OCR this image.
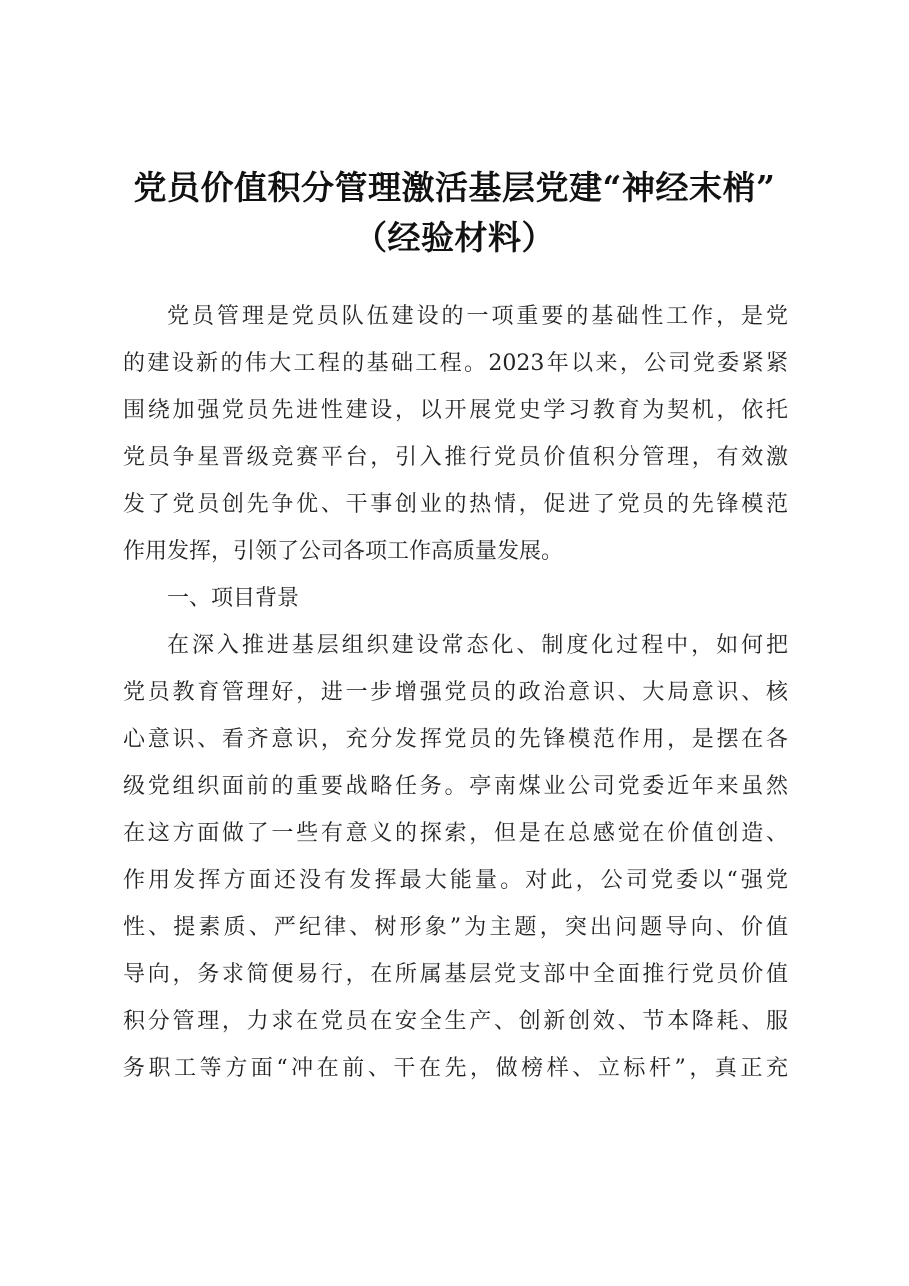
党员价值积分管理激活基层党建“神经末梢”
（经验材料）
党员管理是党员队伍建设的一项重要的基础性工作，是党
的建设新的伟大工程的基础工程。2023年以来，公司党委紧紧
围绕加强党员先进性建设，以开展党史学习教育为契机，依托
党员争星晋级竞赛平台，引入推行党员价值积分管理，有效激
发了党员创先争优、干事创业的热情，促进了党员的先锋模范
作用发挥，引领了公司各项工作高质量发展。
一、项目背景
在深入推进基层组织建设常态化、制度化过程中，如何把
党员教育管理好，进一步增强党员的政治意识、大局意识、核
心意识、看齐意识，充分发挥党员的先锋模范作用，是摆在各
级党组织面前的重要战略任务。亭南煤业公司党委近年来虽然
在这方面做了一些有意义的探索，但是在总感觉在价值创造、
作用发挥方面还没有发挥最大能量。对此，公司党委以“强党
性、提素质、严纪律、树形象”为主题，突出问题导向、价值
导向，务求简便易行，在所属基层党支部中全面推行党员价值
积分管理，力求在党员在安全生产、创新创效、节本降耗、服
务职工等方面“冲在前、干在先，做榜样、立标杆”，真正充
